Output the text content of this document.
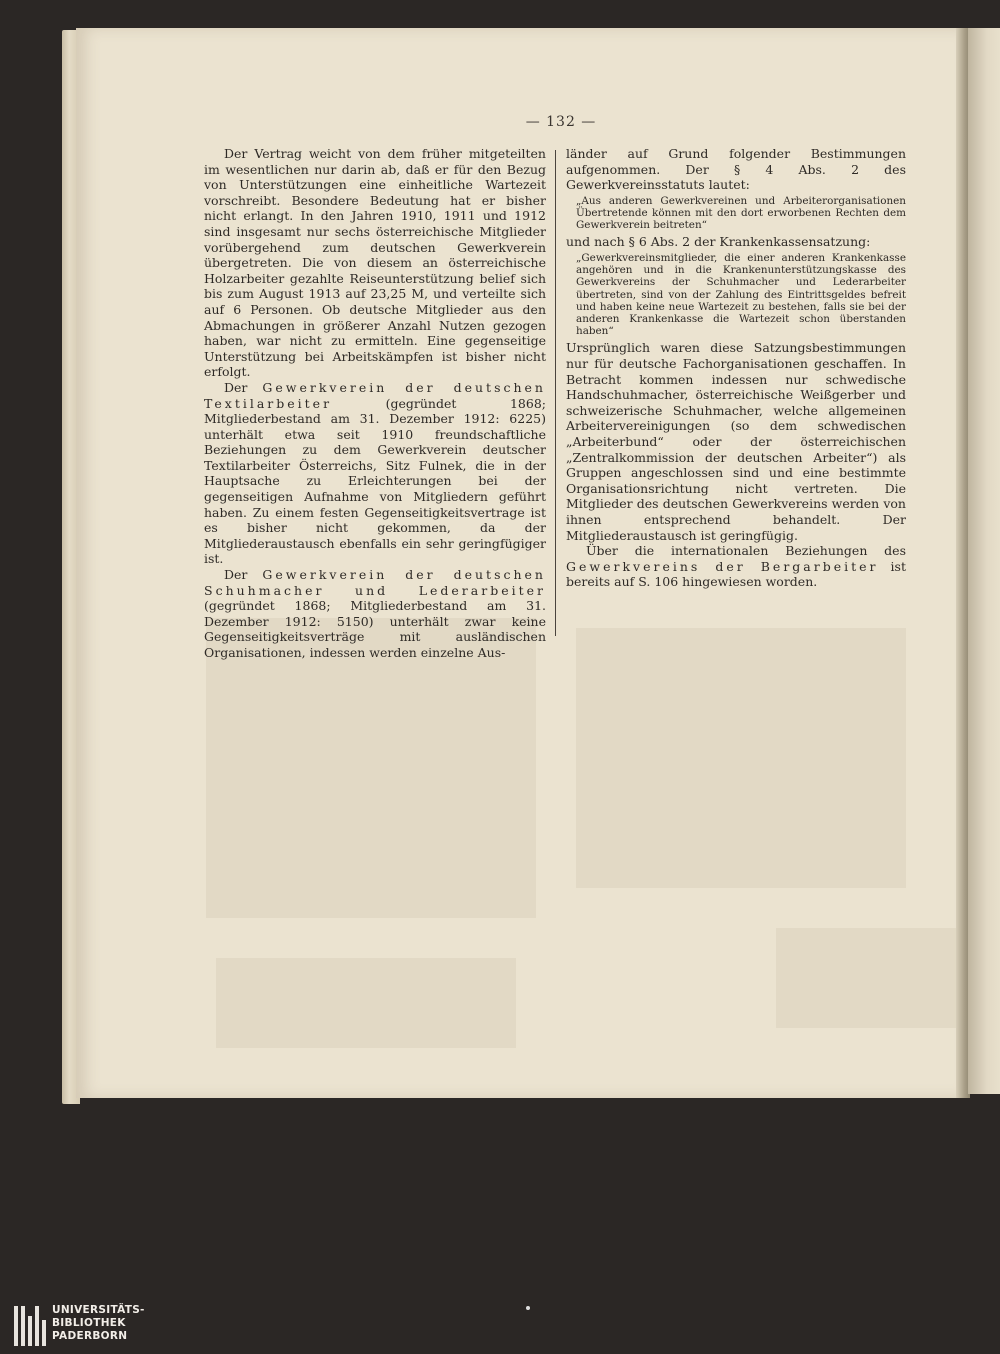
— 132 —

Der Vertrag weicht von dem früher mitgeteilten im wesentlichen nur darin ab, daß er für den Bezug von Unterstützungen eine einheitliche Wartezeit vorschreibt. Besondere Bedeutung hat er bisher nicht erlangt. In den Jahren 1910, 1911 und 1912 sind insgesamt nur sechs österreichische Mitglieder vorübergehend zum deutschen Gewerkverein übergetreten. Die von diesem an österreichische Holzarbeiter gezahlte Reiseunterstützung belief sich bis zum August 1913 auf 23,25 M, und verteilte sich auf 6 Personen. Ob deutsche Mitglieder aus den Abmachungen in größerer Anzahl Nutzen gezogen haben, war nicht zu ermitteln. Eine gegenseitige Unterstützung bei Arbeitskämpfen ist bisher nicht erfolgt.

Der Gewerkverein der deutschen Textilarbeiter (gegründet 1868; Mitgliederbestand am 31. Dezember 1912: 6225) unterhält etwa seit 1910 freundschaftliche Beziehungen zu dem Gewerkverein deutscher Textilarbeiter Österreichs, Sitz Fulnek, die in der Hauptsache zu Erleichterungen bei der gegenseitigen Aufnahme von Mitgliedern geführt haben. Zu einem festen Gegenseitigkeitsvertrage ist es bisher nicht gekommen, da der Mitgliederaustausch ebenfalls ein sehr geringfügiger ist.

Der Gewerkverein der deutschen Schuhmacher und Lederarbeiter (gegründet 1868; Mitgliederbestand am 31. Dezember 1912: 5150) unterhält zwar keine Gegenseitigkeitsverträge mit ausländischen Organisationen, indessen werden einzelne Aus-

länder auf Grund folgender Bestimmungen aufgenommen. Der § 4 Abs. 2 des Gewerkvereinsstatuts lautet:

„Aus anderen Gewerkvereinen und Arbeiterorganisationen Übertretende können mit den dort erworbenen Rechten dem Gewerkverein beitreten“

und nach § 6 Abs. 2 der Krankenkassensatzung:

„Gewerkvereinsmitglieder, die einer anderen Krankenkasse angehören und in die Krankenunterstützungskasse des Gewerkvereins der Schuhmacher und Lederarbeiter übertreten, sind von der Zahlung des Eintrittsgeldes befreit und haben keine neue Wartezeit zu bestehen, falls sie bei der anderen Krankenkasse die Wartezeit schon überstanden haben“

Ursprünglich waren diese Satzungsbestimmungen nur für deutsche Fachorganisationen geschaffen. In Betracht kommen indessen nur schwedische Handschuhmacher, österreichische Weißgerber und schweizerische Schuhmacher, welche allgemeinen Arbeitervereinigungen (so dem schwedischen „Arbeiterbund“ oder der österreichischen „Zentralkommission der deutschen Arbeiter“) als Gruppen angeschlossen sind und eine bestimmte Organisationsrichtung nicht vertreten. Die Mitglieder des deutschen Gewerkvereins werden von ihnen entsprechend behandelt. Der Mitgliederaustausch ist geringfügig.

Über die internationalen Beziehungen des Gewerkvereins der Bergarbeiter ist bereits auf S. 106 hingewiesen worden.

UNIVERSITÄTS-
BIBLIOTHEK
PADERBORN
